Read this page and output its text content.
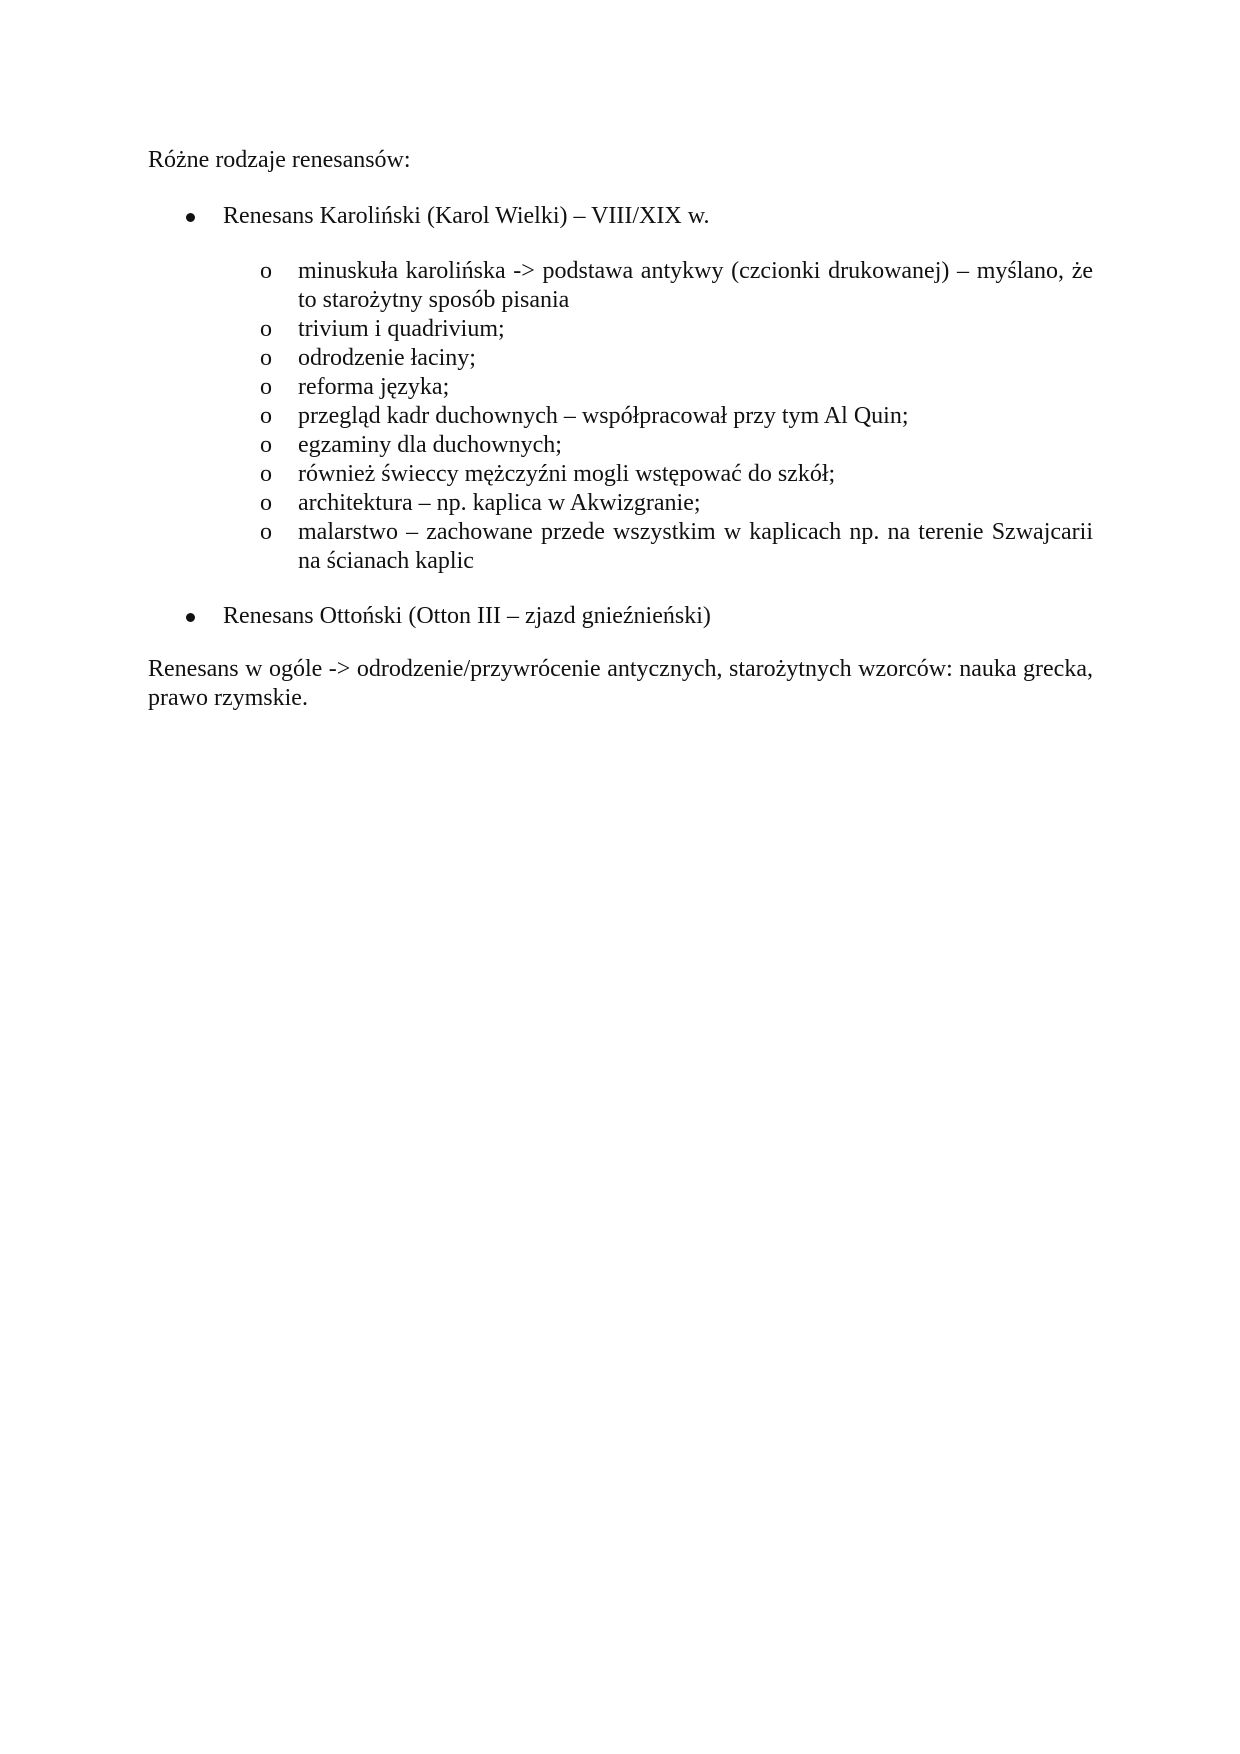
Różne rodzaje renesansów:

Renesans Karoliński (Karol Wielki) – VIII/XIX w.
o minuskuła karolińska -> podstawa antykwy (czcionki drukowanej) – myślano, że to starożytny sposób pisania
o trivium i quadrivium;
o odrodzenie łaciny;
o reforma języka;
o przegląd kadr duchownych – współpracował przy tym Al Quin;
o egzaminy dla duchownych;
o również świeccy mężczyźni mogli wstępować do szkół;
o architektura – np. kaplica w Akwizgranie;
o malarstwo – zachowane przede wszystkim w kaplicach np. na terenie Szwajcarii na ścianach kaplic
Renesans Ottoński (Otton III – zjazd gnieźnieński)

Renesans w ogóle -> odrodzenie/przywrócenie antycznych, starożytnych wzorców: nauka grecka, prawo rzymskie.
